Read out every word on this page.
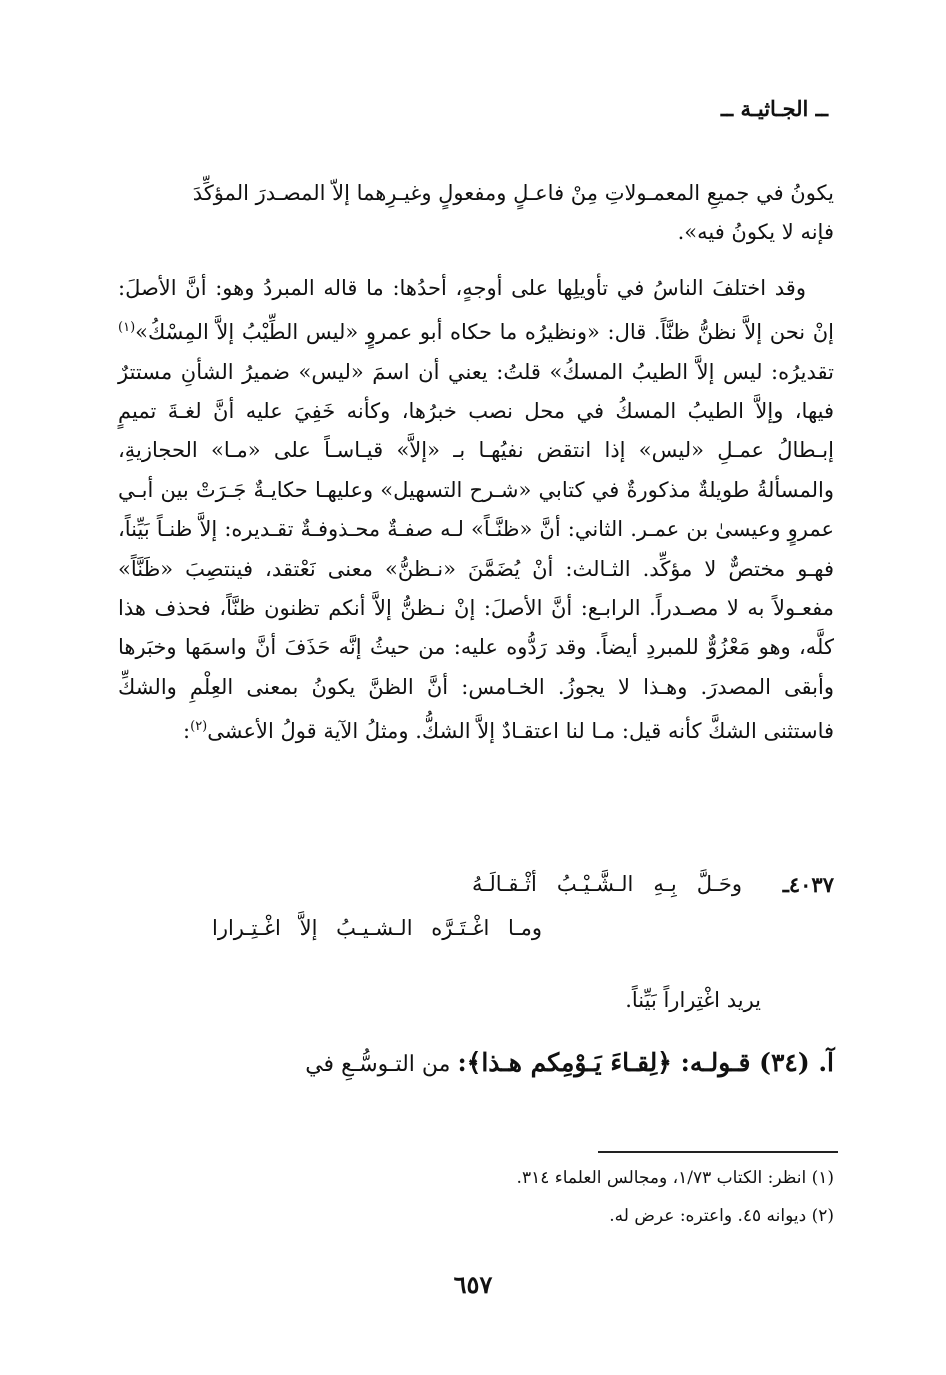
ــ الجـاثيـة ــ

يكونُ في جميعِ المعمـولاتِ مِنْ فاعـلٍ ومفعولٍ وغيـرِهما إلاّ المصـدرَ المؤكِّدَ
فإنه لا يكونُ فيه».

وقد اختلفَ الناسُ في تأويلِها على أوجهٍ، أحدُها: ما قاله المبردُ وهو: أنَّ الأصلَ: إنْ نحن إلاَّ نظنُّ ظنَّاً. قال: «ونظيرُه ما حكاه أبو عمروٍ «ليس الطِّيْبُ إلاَّ المِسْكُ»$^{(١)}$ تقديرُه: ليس إلاَّ الطيبُ المسكُ» قلتُ: يعني أن اسمَ «ليس» ضميرُ الشأنِ مستترٌ فيها، وإلاَّ الطيبُ المسكُ في محل نصب خبرُها، وكأنه خَفِيَ عليه أنَّ لغـةَ تميمٍ إبـطالُ عمـلِ «ليس» إذا انتقض نفيُهـا بـ «إلاَّ» قيـاسـاً على «مـا» الحجازيةِ، والمسألةُ طويلةٌ مذكورةٌ في كتابي «شـرح التسهيل» وعليهـا حكايـةٌ جَـرَتْ بين أبـي عمروٍ وعيسىٰ بن عمـر. الثاني: أنَّ «ظنَّـاً» لـه صفـةٌ محـذوفـةٌ تقـديره: إلاَّ ظنـاً بَيِّناً، فهـو مختصٌّ لا مؤكِّد. الثـالث: أنْ يُضَمَّنَ «نـظنُّ» معنى نَعْتقد، فينتصِبَ «ظَنَّاً» مفعـولاً به لا مصـدراً. الرابـع: أنَّ الأصلَ: إنْ نـظنُّ إلاَّ أنكم تظنون ظنَّاً، فحذف هذا كلَّه، وهو مَعْزُوٌّ للمبردِ أيضاً. وقد رَدُّوه عليه: من حيثُ إنَّه حَذَفَ أنَّ واسمَها وخبَرها وأبقى المصدرَ. وهـذا لا يجوزُ. الخـامس: أنَّ الظنَّ يكونُ بمعنى العِلْمِ والشكِّ فاستثنى الشكَّ كأنه قيل: مـا لنا اعتقـادٌ إلاَّ الشكُّ. ومثلُ الآية قولُ الأعشى$^{(٢)}$:

٤٠٣٧ـ
وحَـلَّ بِـهِ الـشَّـيْـبُ أثْـقـالَـهُ
ومـا اغْـتَـرَّه الـشـيـبُ إلاَّ اغْـتِـرارا
يريد اغْتِراراً بَيِّناً.
آ. (٣٤) قـولـه: ﴿لِقـاءَ يَـوْمِكم هـذا﴾: من التـوسُّـعِ في
(١) انظر: الكتاب ١/٧٣، ومجالس العلماء ٣١٤.
(٢) ديوانه ٤٥. واعتره: عرض له.
٦٥٧
